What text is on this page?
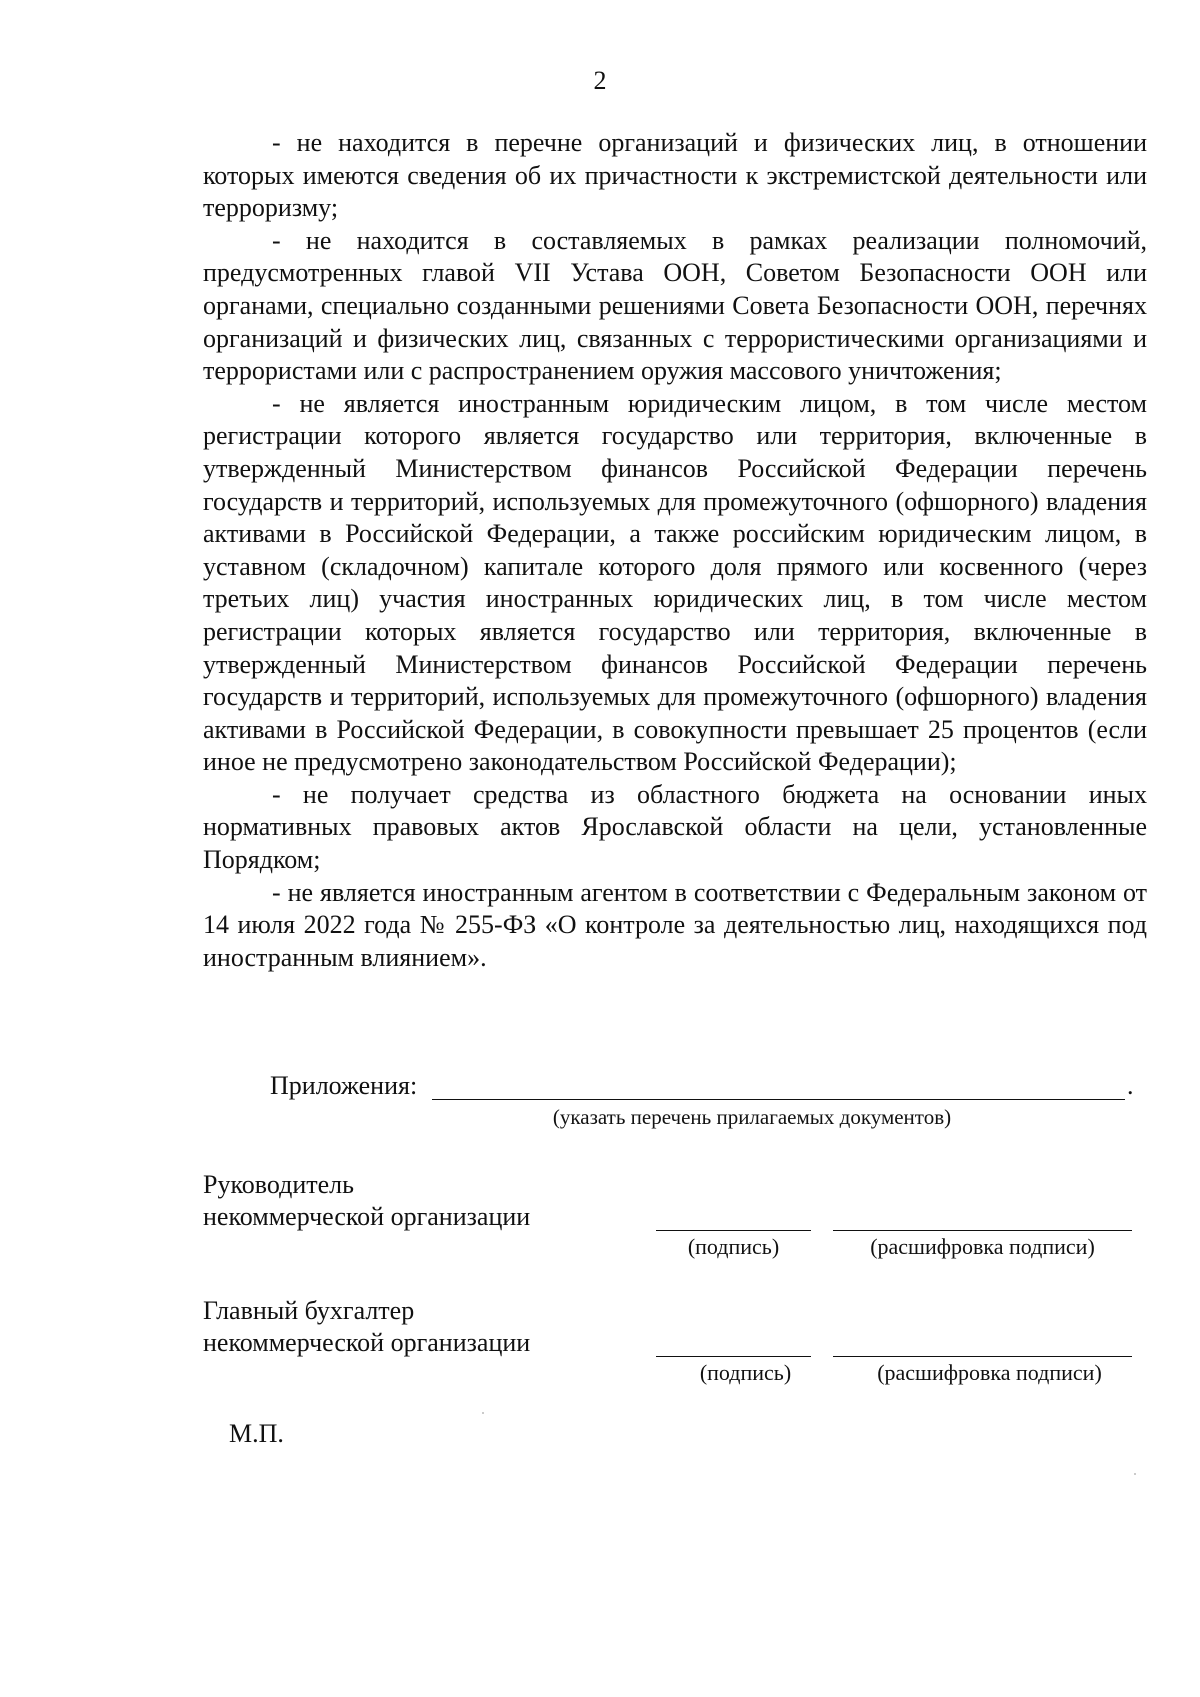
2

- не находится в перечне организаций и физических лиц, в отношении которых имеются сведения об их причастности к экстремистской деятельности или терроризму;

- не находится в составляемых в рамках реализации полномочий, предусмотренных главой VII Устава ООН, Советом Безопасности ООН или органами, специально созданными решениями Совета Безопасности ООН, перечнях организаций и физических лиц, связанных с террористическими организациями и террористами или с распространением оружия массового уничтожения;

- не является иностранным юридическим лицом, в том числе местом регистрации которого является государство или территория, включенные в утвержденный Министерством финансов Российской Федерации перечень государств и территорий, используемых для промежуточного (офшорного) владения активами в Российской Федерации, а также российским юридическим лицом, в уставном (складочном) капитале которого доля прямого или косвенного (через третьих лиц) участия иностранных юридических лиц, в том числе местом регистрации которых является государство или территория, включенные в утвержденный Министерством финансов Российской Федерации перечень государств и территорий, используемых для промежуточного (офшорного) владения активами в Российской Федерации, в совокупности превышает 25 процентов (если иное не предусмотрено законодательством Российской Федерации);

- не получает средства из областного бюджета на основании иных нормативных правовых актов Ярославской области на цели, установленные Порядком;

- не является иностранным агентом в соответствии с Федеральным законом от 14 июля 2022 года № 255-ФЗ «О контроле за деятельностью лиц, находящихся под иностранным влиянием».

Приложения:	.
(указать перечень прилагаемых документов)
Руководитель
некоммерческой организации
(подпись)	(расшифровка подписи)
Главный бухгалтер
некоммерческой организации
(подпись)	(расшифровка подписи)
М.П.
